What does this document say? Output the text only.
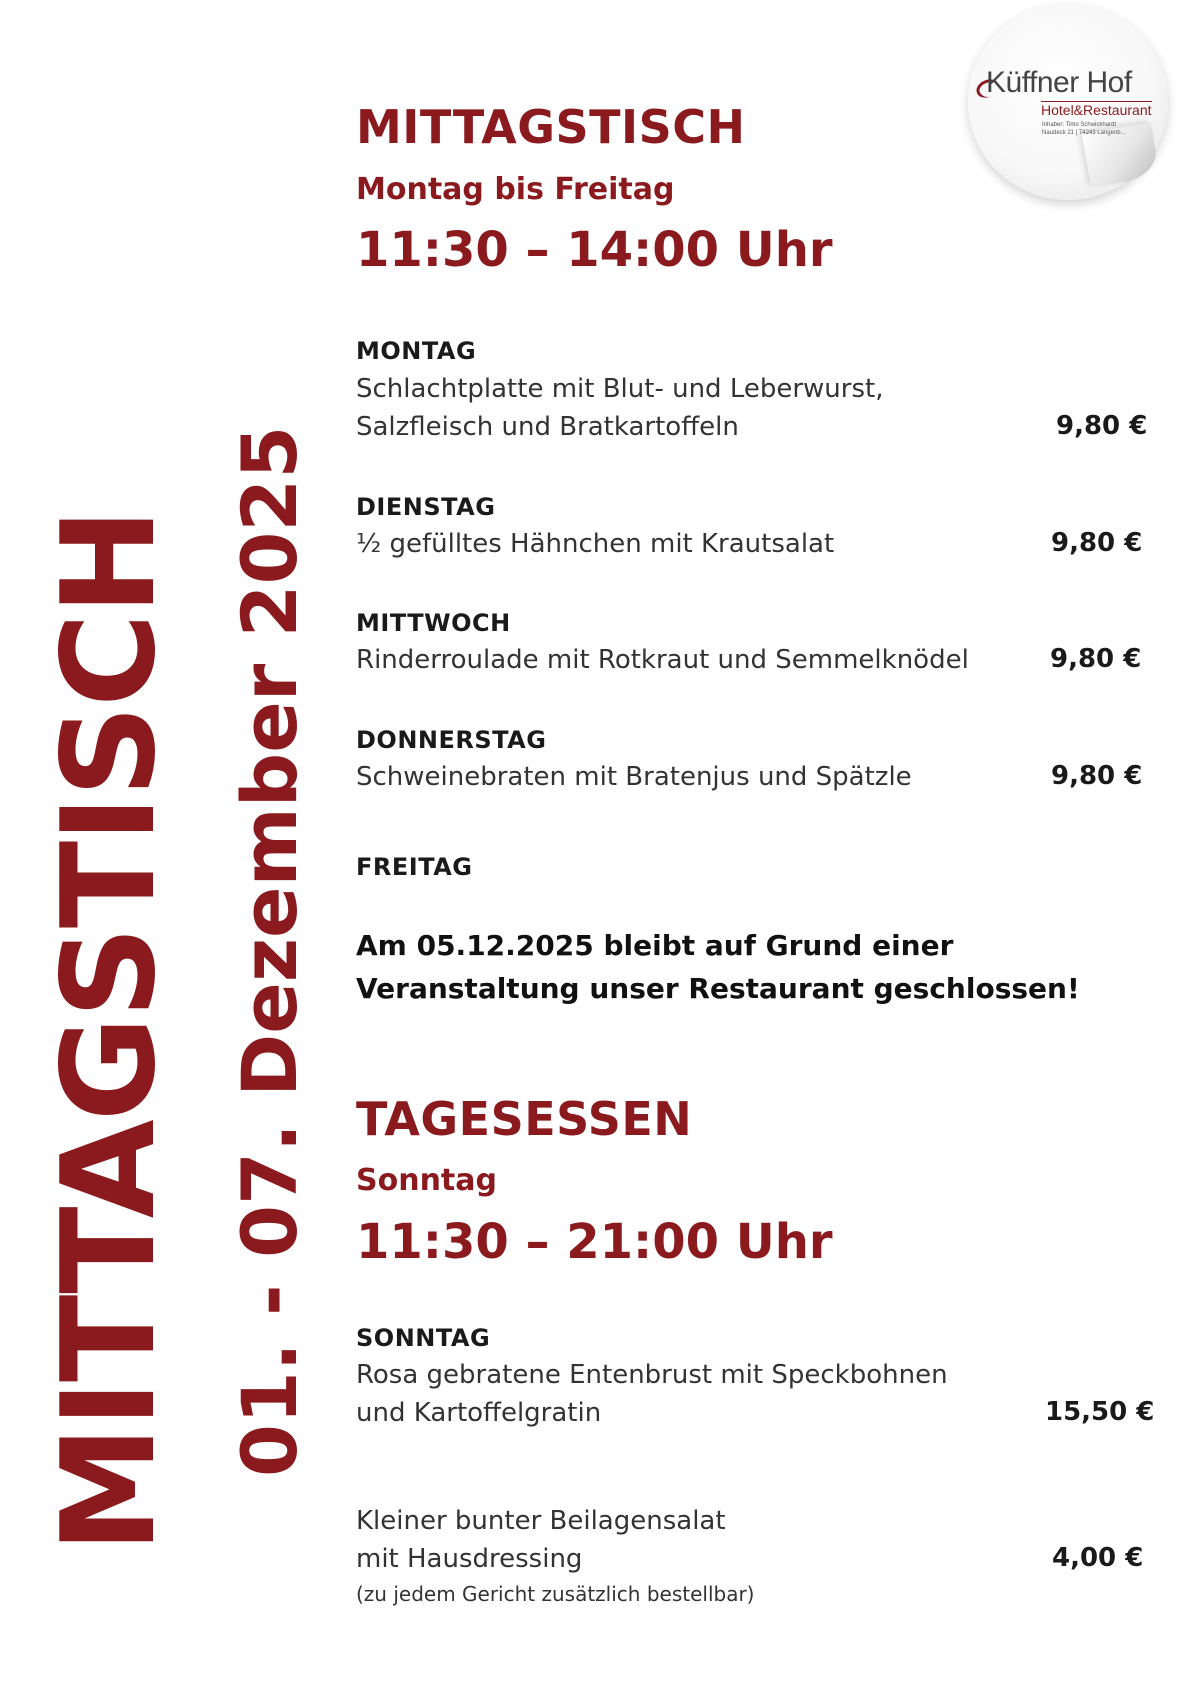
MITTAGSTISCH 01. - 07. Dezember 2025
Küffner Hof
Hotel&Restaurant
Inhaber: Timo Schwickhardt
Naudeck 21 | 74243 Langenb...
MITTAGSTISCH
Montag bis Freitag
11:30 – 14:00 Uhr
MONTAG
Schlachtplatte mit Blut- und Leberwurst,
Salzfleisch und Bratkartoffeln	9,80 €
DIENSTAG
½ gefülltes Hähnchen mit Krautsalat	9,80 €
MITTWOCH
Rinderroulade mit Rotkraut und Semmelknödel	9,80 €
DONNERSTAG
Schweinebraten mit Bratenjus und Spätzle	9,80 €
FREITAG
Am 05.12.2025 bleibt auf Grund einer
Veranstaltung unser Restaurant geschlossen!
TAGESESSEN
Sonntag
11:30 – 21:00 Uhr
SONNTAG
Rosa gebratene Entenbrust mit Speckbohnen
und Kartoffelgratin	15,50 €
Kleiner bunter Beilagensalat
mit Hausdressing	4,00 €
(zu jedem Gericht zusätzlich bestellbar)
